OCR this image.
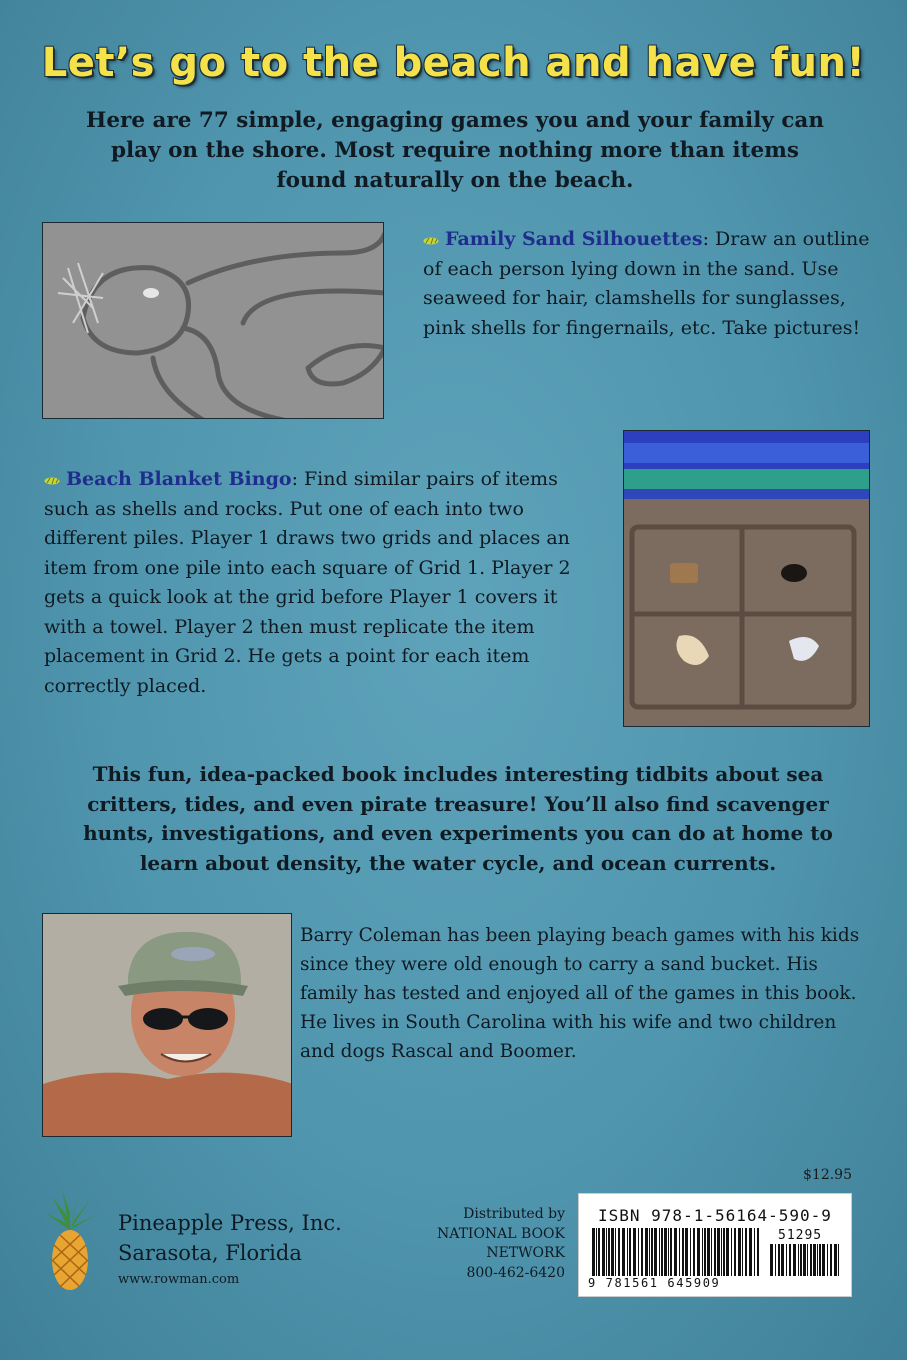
Let’s go to the beach and have fun!
Here are 77 simple, engaging games you and your family can play on the shore. Most require nothing more than items found naturally on the beach.
Family Sand Silhouettes: Draw an outline of each person lying down in the sand. Use seaweed for hair, clamshells for sunglasses, pink shells for fingernails, etc. Take pictures!
Beach Blanket Bingo: Find similar pairs of items such as shells and rocks. Put one of each into two different piles. Player 1 draws two grids and places an item from one pile into each square of Grid 1. Player 2 gets a quick look at the grid before Player 1 covers it with a towel. Player 2 then must replicate the item placement in Grid 2. He gets a point for each item correctly placed.
This fun, idea-packed book includes interesting tidbits about sea critters, tides, and even pirate treasure! You’ll also find scavenger hunts, investigations, and even experiments you can do at home to learn about density, the water cycle, and ocean currents.
Barry Coleman has been playing beach games with his kids since they were old enough to carry a sand bucket. His family has tested and enjoyed all of the games in this book. He lives in South Carolina with his wife and two children and dogs Rascal and Boomer.
$12.95
Pineapple Press, Inc.
Sarasota, Florida
www.rowman.com
Distributed by
NATIONAL BOOK
NETWORK
800-462-6420
ISBN 978-1-56164-590-9
51295
9 781561 645909
